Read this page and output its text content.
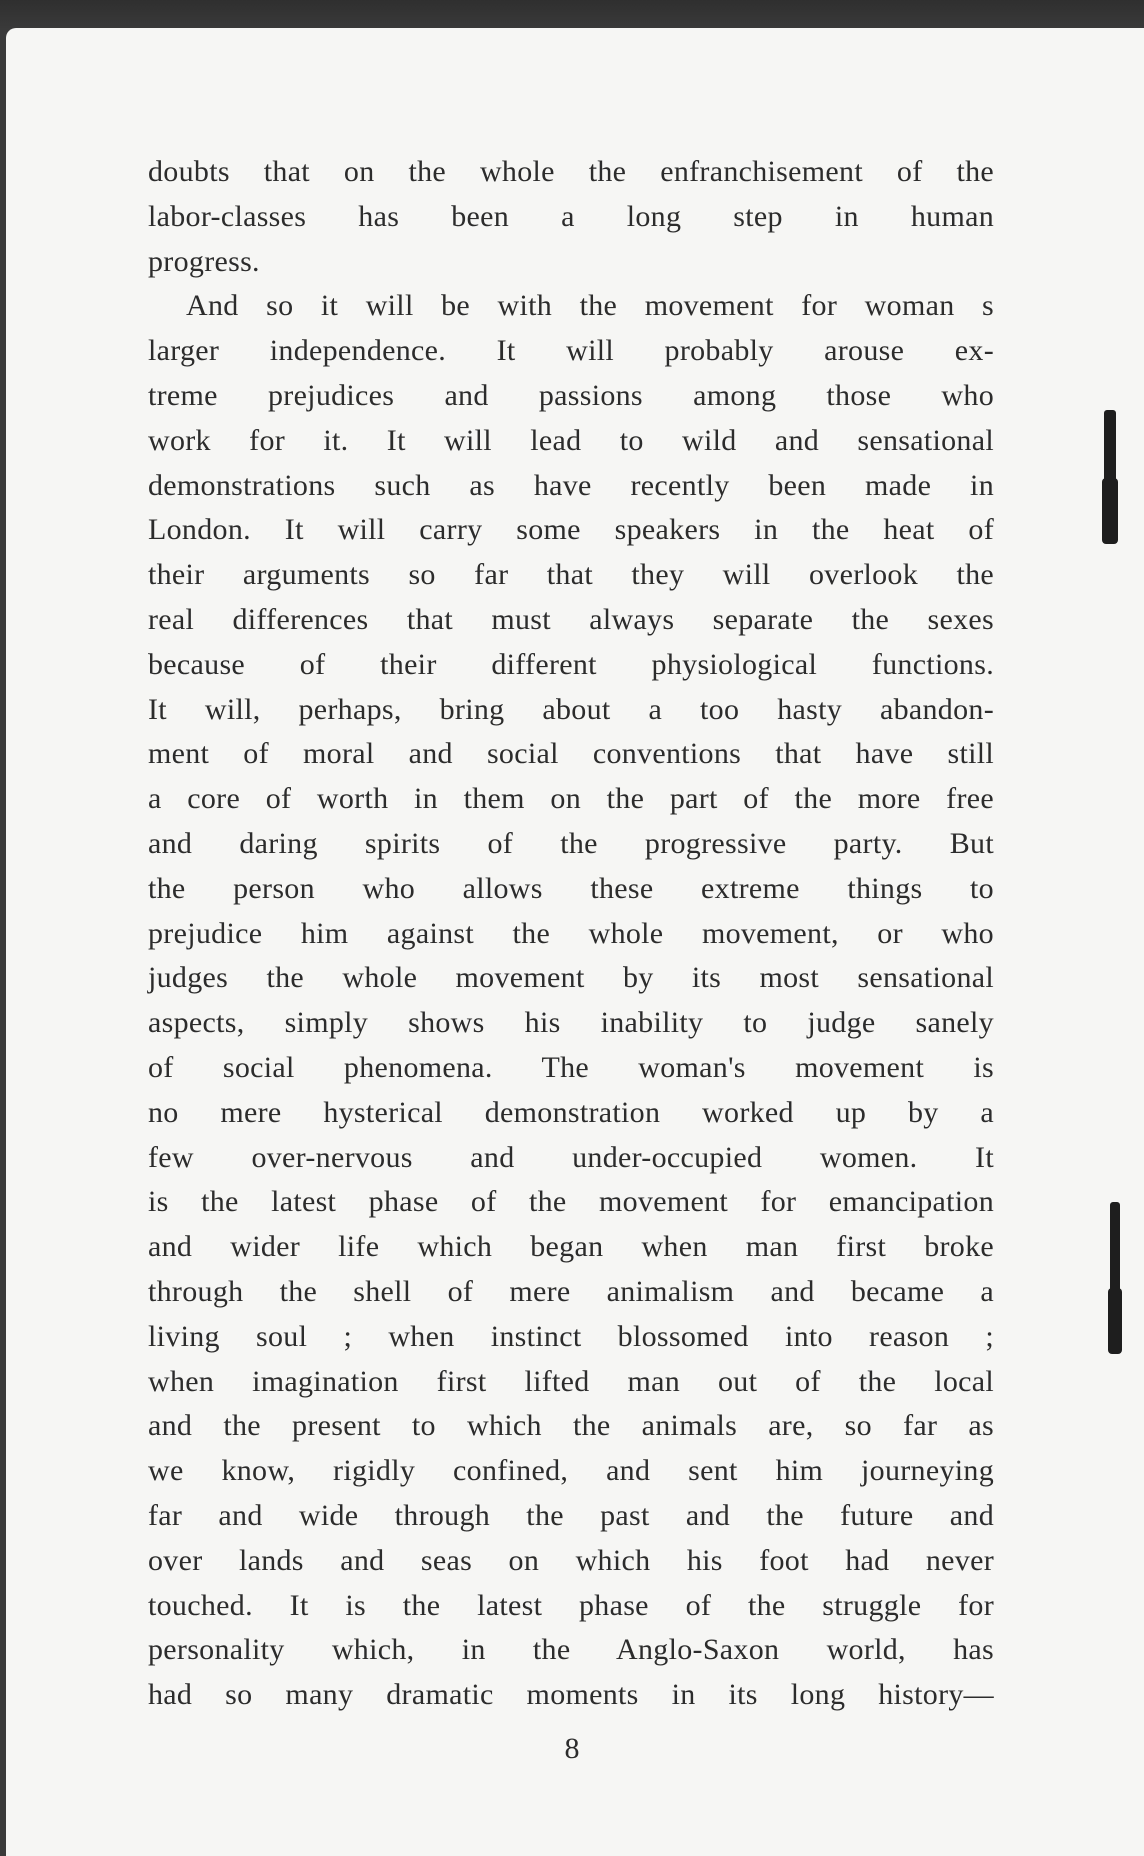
doubts that on the whole the enfranchisement of the
labor-classes has been a long step in human
progress.
And so it will be with the movement for woman s
larger independence. It will probably arouse ex-
treme prejudices and passions among those who
work for it. It will lead to wild and sensational
demonstrations such as have recently been made in
London. It will carry some speakers in the heat of
their arguments so far that they will overlook the
real differences that must always separate the sexes
because of their different physiological functions.
It will, perhaps, bring about a too hasty abandon-
ment of moral and social conventions that have still
a core of worth in them on the part of the more free
and daring spirits of the progressive party. But
the person who allows these extreme things to
prejudice him against the whole movement, or who
judges the whole movement by its most sensational
aspects, simply shows his inability to judge sanely
of social phenomena. The woman's movement is
no mere hysterical demonstration worked up by a
few over-nervous and under-occupied women. It
is the latest phase of the movement for emancipation
and wider life which began when man first broke
through the shell of mere animalism and became a
living soul ; when instinct blossomed into reason ;
when imagination first lifted man out of the local
and the present to which the animals are, so far as
we know, rigidly confined, and sent him journeying
far and wide through the past and the future and
over lands and seas on which his foot had never
touched. It is the latest phase of the struggle for
personality which, in the Anglo-Saxon world, has
had so many dramatic moments in its long history—
8
